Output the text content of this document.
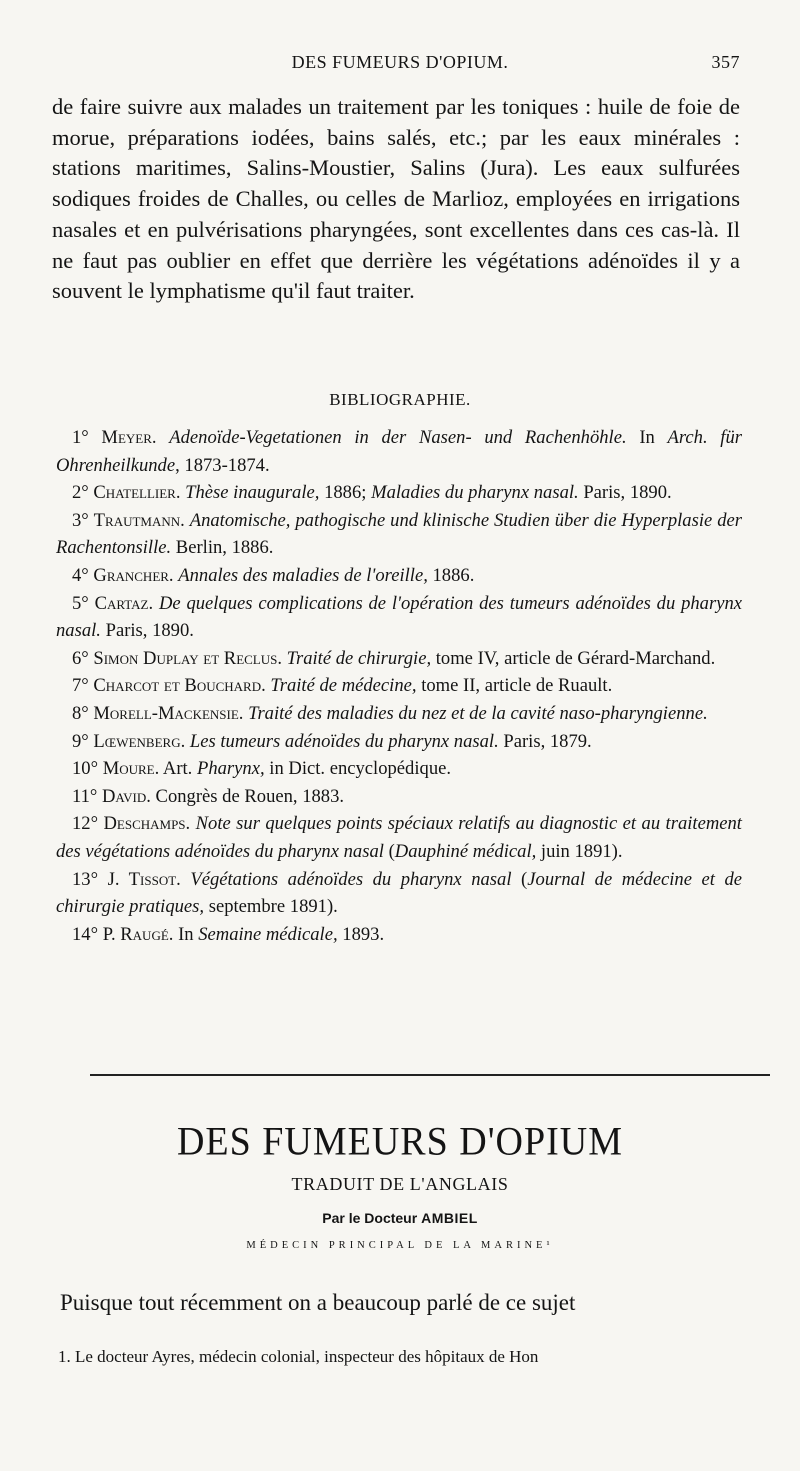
DES FUMEURS D'OPIUM.	357

de faire suivre aux malades un traitement par les toniques : huile de foie de morue, préparations iodées, bains salés, etc.; par les eaux minérales : stations maritimes, Salins-Moustier, Salins (Jura). Les eaux sulfurées sodiques froides de Challes, ou celles de Marlioz, employées en irrigations nasales et en pulvérisations pharyngées, sont excellentes dans ces cas-là. Il ne faut pas oublier en effet que derrière les végétations adénoïdes il y a souvent le lymphatisme qu'il faut traiter.

BIBLIOGRAPHIE.
1° Meyer. Adenoïde-Vegetationen in der Nasen- und Rachenhöhle. In Arch. für Ohrenheilkunde, 1873-1874.
2° Chatellier. Thèse inaugurale, 1886; Maladies du pharynx nasal. Paris, 1890.
3° Trautmann. Anatomische, pathogische und klinische Studien über die Hyperplasie der Rachentonsille. Berlin, 1886.
4° Grancher. Annales des maladies de l'oreille, 1886.
5° Cartaz. De quelques complications de l'opération des tumeurs adénoïdes du pharynx nasal. Paris, 1890.
6° Simon Duplay et Reclus. Traité de chirurgie, tome IV, article de Gérard-Marchand.
7° Charcot et Bouchard. Traité de médecine, tome II, article de Ruault.
8° Morell-Mackensie. Traité des maladies du nez et de la cavité naso-pharyngienne.
9° Lœwenberg. Les tumeurs adénoïdes du pharynx nasal. Paris, 1879.
10° Moure. Art. Pharynx, in Dict. encyclopédique.
11° David. Congrès de Rouen, 1883.
12° Deschamps. Note sur quelques points spéciaux relatifs au diagnostic et au traitement des végétations adénoïdes du pharynx nasal (Dauphiné médical, juin 1891).
13° J. Tissot. Végétations adénoïdes du pharynx nasal (Journal de médecine et de chirurgie pratiques, septembre 1891).
14° P. Raugé. In Semaine médicale, 1893.
DES FUMEURS D'OPIUM
TRADUIT DE L'ANGLAIS
Par le Docteur AMBIEL
MÉDECIN PRINCIPAL DE LA MARINE¹
Puisque tout récemment on a beaucoup parlé de ce sujet
1. Le docteur Ayres, médecin colonial, inspecteur des hôpitaux de Hon
